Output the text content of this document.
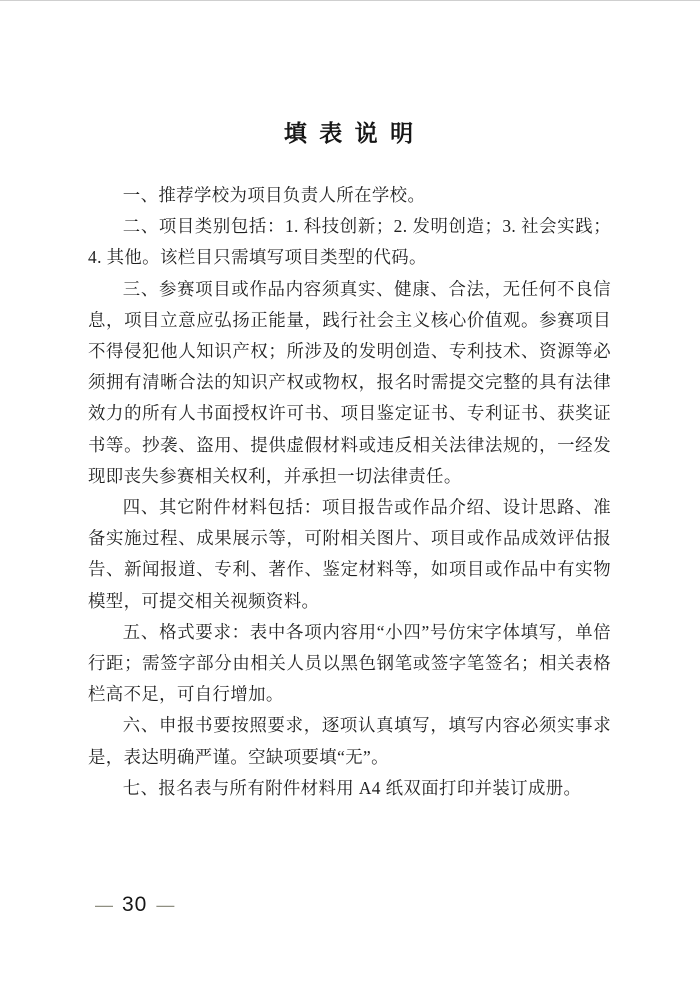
填 表 说 明

一、推荐学校为项目负责人所在学校。

二、项目类别包括：1. 科技创新；2. 发明创造；3. 社会实践；4. 其他。该栏目只需填写项目类型的代码。

三、参赛项目或作品内容须真实、健康、合法，无任何不良信息，项目立意应弘扬正能量，践行社会主义核心价值观。参赛项目不得侵犯他人知识产权；所涉及的发明创造、专利技术、资源等必须拥有清晰合法的知识产权或物权，报名时需提交完整的具有法律效力的所有人书面授权许可书、项目鉴定证书、专利证书、获奖证书等。抄袭、盗用、提供虚假材料或违反相关法律法规的，一经发现即丧失参赛相关权利，并承担一切法律责任。

四、其它附件材料包括：项目报告或作品介绍、设计思路、准备实施过程、成果展示等，可附相关图片、项目或作品成效评估报告、新闻报道、专利、著作、鉴定材料等，如项目或作品中有实物模型，可提交相关视频资料。

五、格式要求：表中各项内容用“小四”号仿宋字体填写，单倍行距；需签字部分由相关人员以黑色钢笔或签字笔签名；相关表格栏高不足，可自行增加。

六、申报书要按照要求，逐项认真填写，填写内容必须实事求是，表达明确严谨。空缺项要填“无”。

七、报名表与所有附件材料用 A4 纸双面打印并装订成册。

— 30 —
